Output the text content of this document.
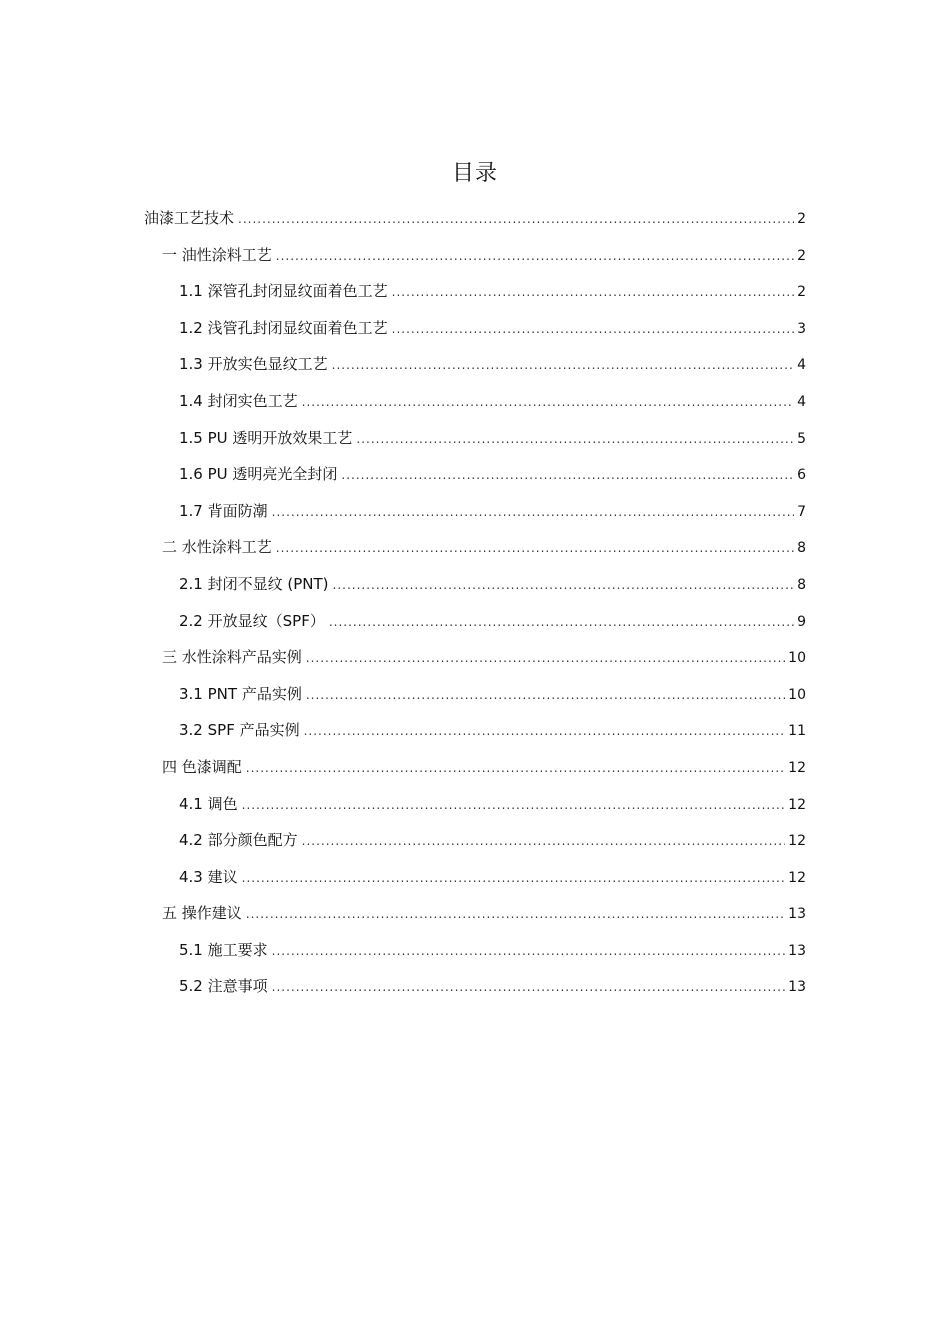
目录
油漆工艺技术 .....	2
一 油性涂料工艺 .....	2
1.1 深管孔封闭显纹面着色工艺 .....	2
1.2 浅管孔封闭显纹面着色工艺 .....	3
1.3 开放实色显纹工艺 .....	4
1.4 封闭实色工艺 .....	4
1.5 PU 透明开放效果工艺 .....	5
1.6 PU 透明亮光全封闭 .....	6
1.7 背面防潮 .....	7
二 水性涂料工艺 .....	8
2.1 封闭不显纹 (PNT) .....	8
2.2 开放显纹（SPF） .....	9
三 水性涂料产品实例 .....	10
3.1 PNT 产品实例 .....	10
3.2 SPF 产品实例 .....	11
四 色漆调配 .....	12
4.1 调色 .....	12
4.2 部分颜色配方 .....	12
4.3 建议 .....	12
五 操作建议 .....	13
5.1 施工要求 .....	13
5.2 注意事项 .....	13
